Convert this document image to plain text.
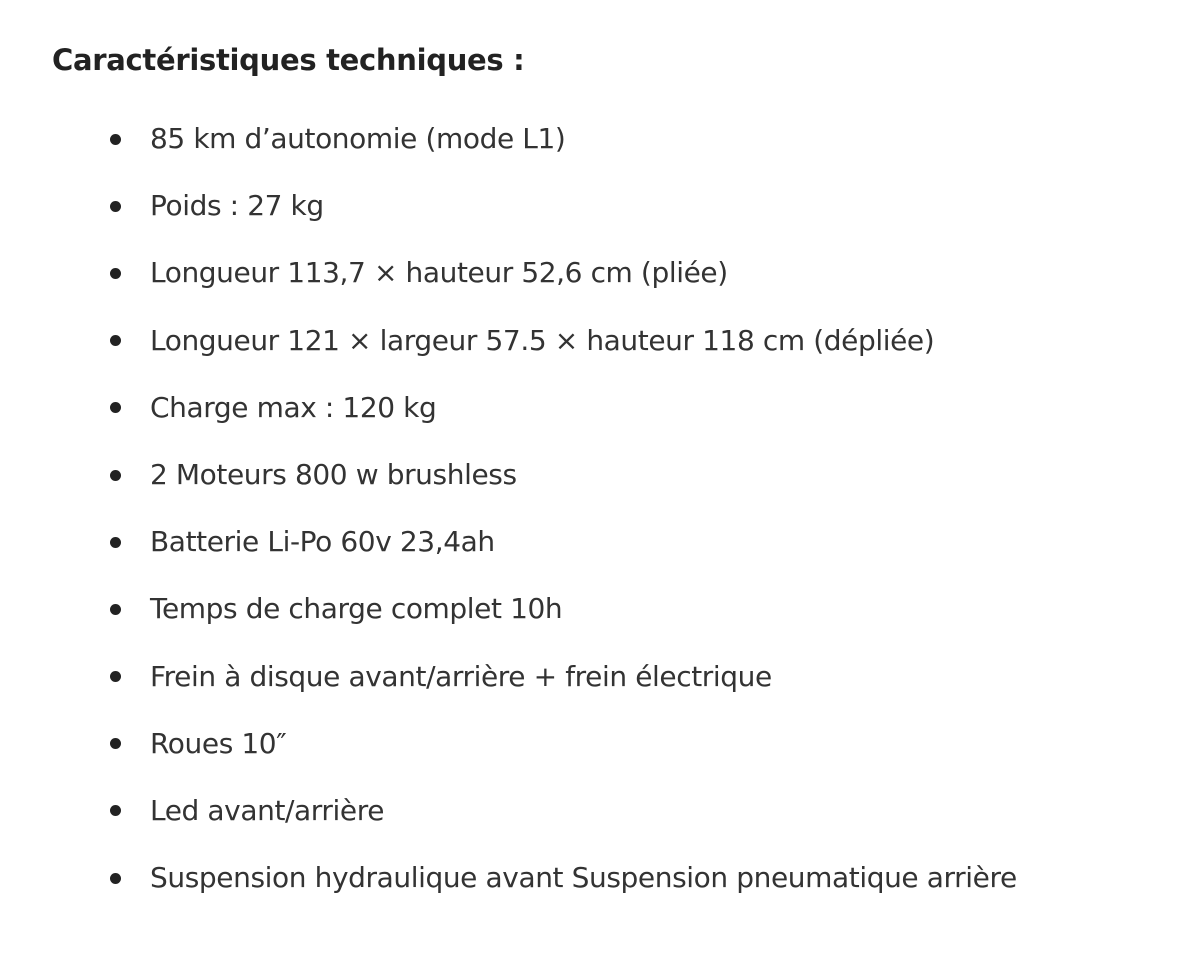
Caractéristiques techniques :
85 km d’autonomie (mode L1)
Poids : 27 kg
Longueur 113,7 × hauteur 52,6 cm (pliée)
Longueur 121 × largeur 57.5 × hauteur 118 cm (dépliée)
Charge max : 120 kg
2 Moteurs 800 w brushless
Batterie Li-Po 60v 23,4ah
Temps de charge complet 10h
Frein à disque avant/arrière + frein électrique
Roues 10″
Led avant/arrière
Suspension hydraulique avant Suspension pneumatique arrière
